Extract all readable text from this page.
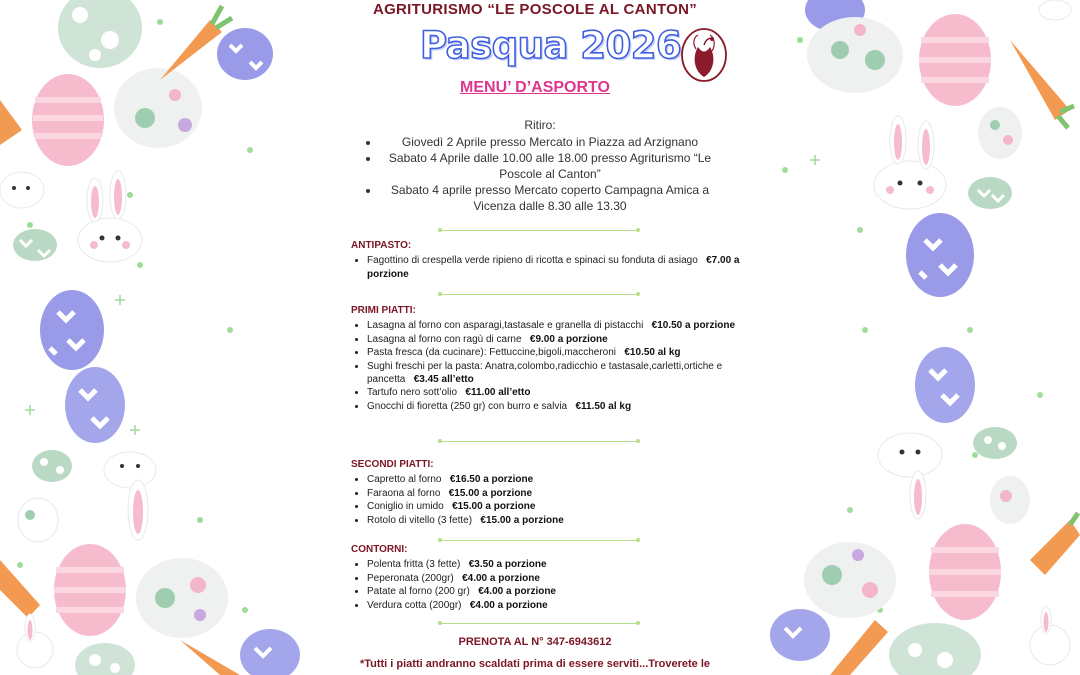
AGRITURISMO “LE POSCOLE AL CANTON”
Pasqua 2026
MENU’ D’ASPORTO
Ritiro:
• Giovedì 2 Aprile presso Mercato in Piazza ad Arzignano
• Sabato 4 Aprile dalle 10.00 alle 18.00 presso Agriturismo “Le Poscole al Canton”
• Sabato 4 aprile presso Mercato coperto Campagna Amica a Vicenza dalle 8.30 alle 13.30
ANTIPASTO:
• Fagottino di crespella verde ripieno di ricotta e spinaci su fonduta di asiago €7.00 a porzione
PRIMI PIATTI:
• Lasagna al forno con asparagi,tastasale e granella di pistacchi €10.50 a porzione
• Lasagna al forno con ragù di carne €9.00 a porzione
• Pasta fresca (da cucinare): Fettuccine,bigoli,maccheroni €10.50 al kg
• Sughi freschi per la pasta: Anatra,colombo,radicchio e tastasale,carletti,ortiche e pancetta €3.45 all’etto
• Tartufo nero sott’olio €11.00 all’etto
• Gnocchi di fioretta (250 gr) con burro e salvia €11.50 al kg
SECONDI PIATTI:
• Capretto al forno €16.50 a porzione
• Faraona al forno €15.00 a porzione
• Coniglio in umido €15.00 a porzione
• Rotolo di vitello (3 fette) €15.00 a porzione
CONTORNI:
• Polenta fritta (3 fette) €3.50 a porzione
• Peperonata (200gr) €4.00 a porzione
• Patate al forno (200 gr) €4.00 a porzione
• Verdura cotta (200gr) €4.00 a porzione
PRENOTA AL N° 347-6943612
*Tutti i piatti andranno scaldati prima di essere serviti...Troverete le
